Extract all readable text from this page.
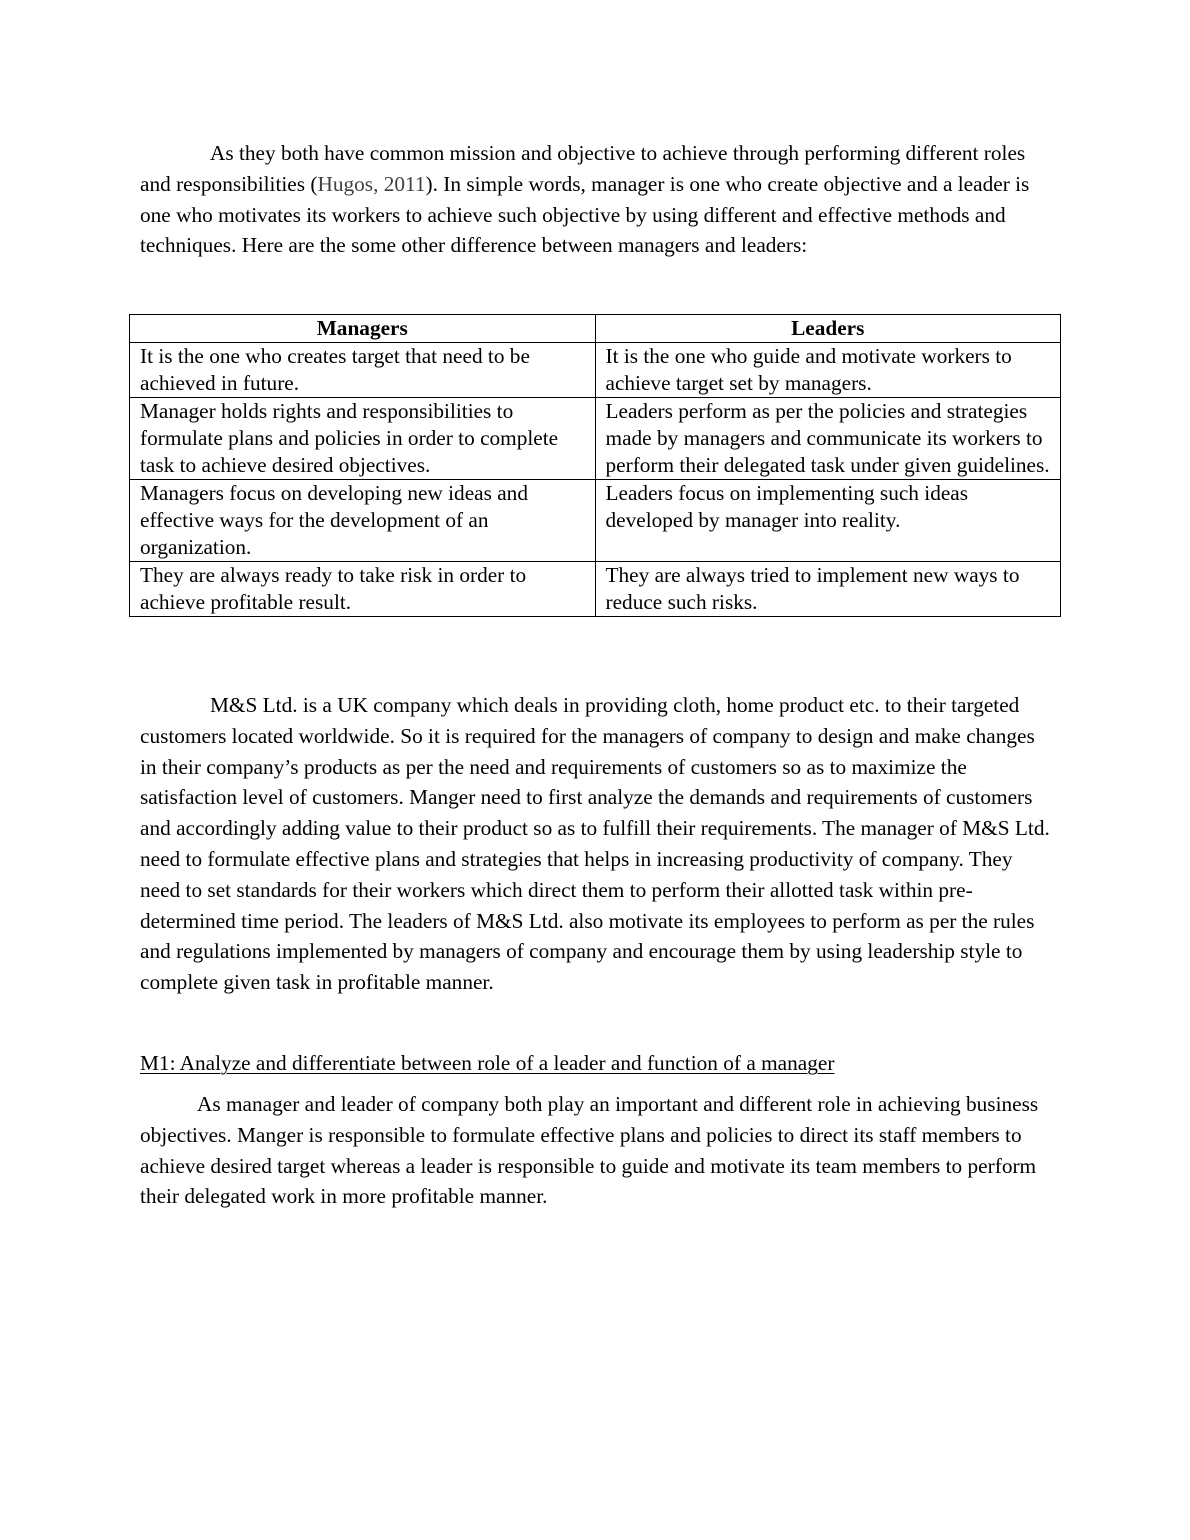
As they both have common mission and objective to achieve through performing different roles and responsibilities (Hugos, 2011). In simple words, manager is one who create objective and a leader is one who motivates its workers to achieve such objective by using different and effective methods and techniques. Here are the some other difference between managers and leaders:

Managers	Leaders
It is the one who creates target that need to be achieved in future.	It is the one who guide and motivate workers to achieve target set by managers.
Manager holds rights and responsibilities to formulate plans and policies in order to complete task to achieve desired objectives.	Leaders perform as per the policies and strategies made by managers and communicate its workers to perform their delegated task under given guidelines.
Managers focus on developing new ideas and effective ways for the development of an organization.	Leaders focus on implementing such ideas developed by manager into reality.
They are always ready to take risk in order to achieve profitable result.	They are always tried to implement new ways to reduce such risks.

M&S Ltd. is a UK company which deals in providing cloth, home product etc. to their targeted customers located worldwide. So it is required for the managers of company to design and make changes in their company’s products as per the need and requirements of customers so as to maximize the satisfaction level of customers. Manger need to first analyze the demands and requirements of customers and accordingly adding value to their product so as to fulfill their requirements. The manager of M&S Ltd. need to formulate effective plans and strategies that helps in increasing productivity of company. They need to set standards for their workers which direct them to perform their allotted task within pre-determined time period. The leaders of M&S Ltd. also motivate its employees to perform as per the rules and regulations implemented by managers of company and encourage them by using leadership style to complete given task in profitable manner.

M1: Analyze and differentiate between role of a leader and function of a manager

As manager and leader of company both play an important and different role in achieving business objectives. Manger is responsible to formulate effective plans and policies to direct its staff members to achieve desired target whereas a leader is responsible to guide and motivate its team members to perform their delegated work in more profitable manner.
